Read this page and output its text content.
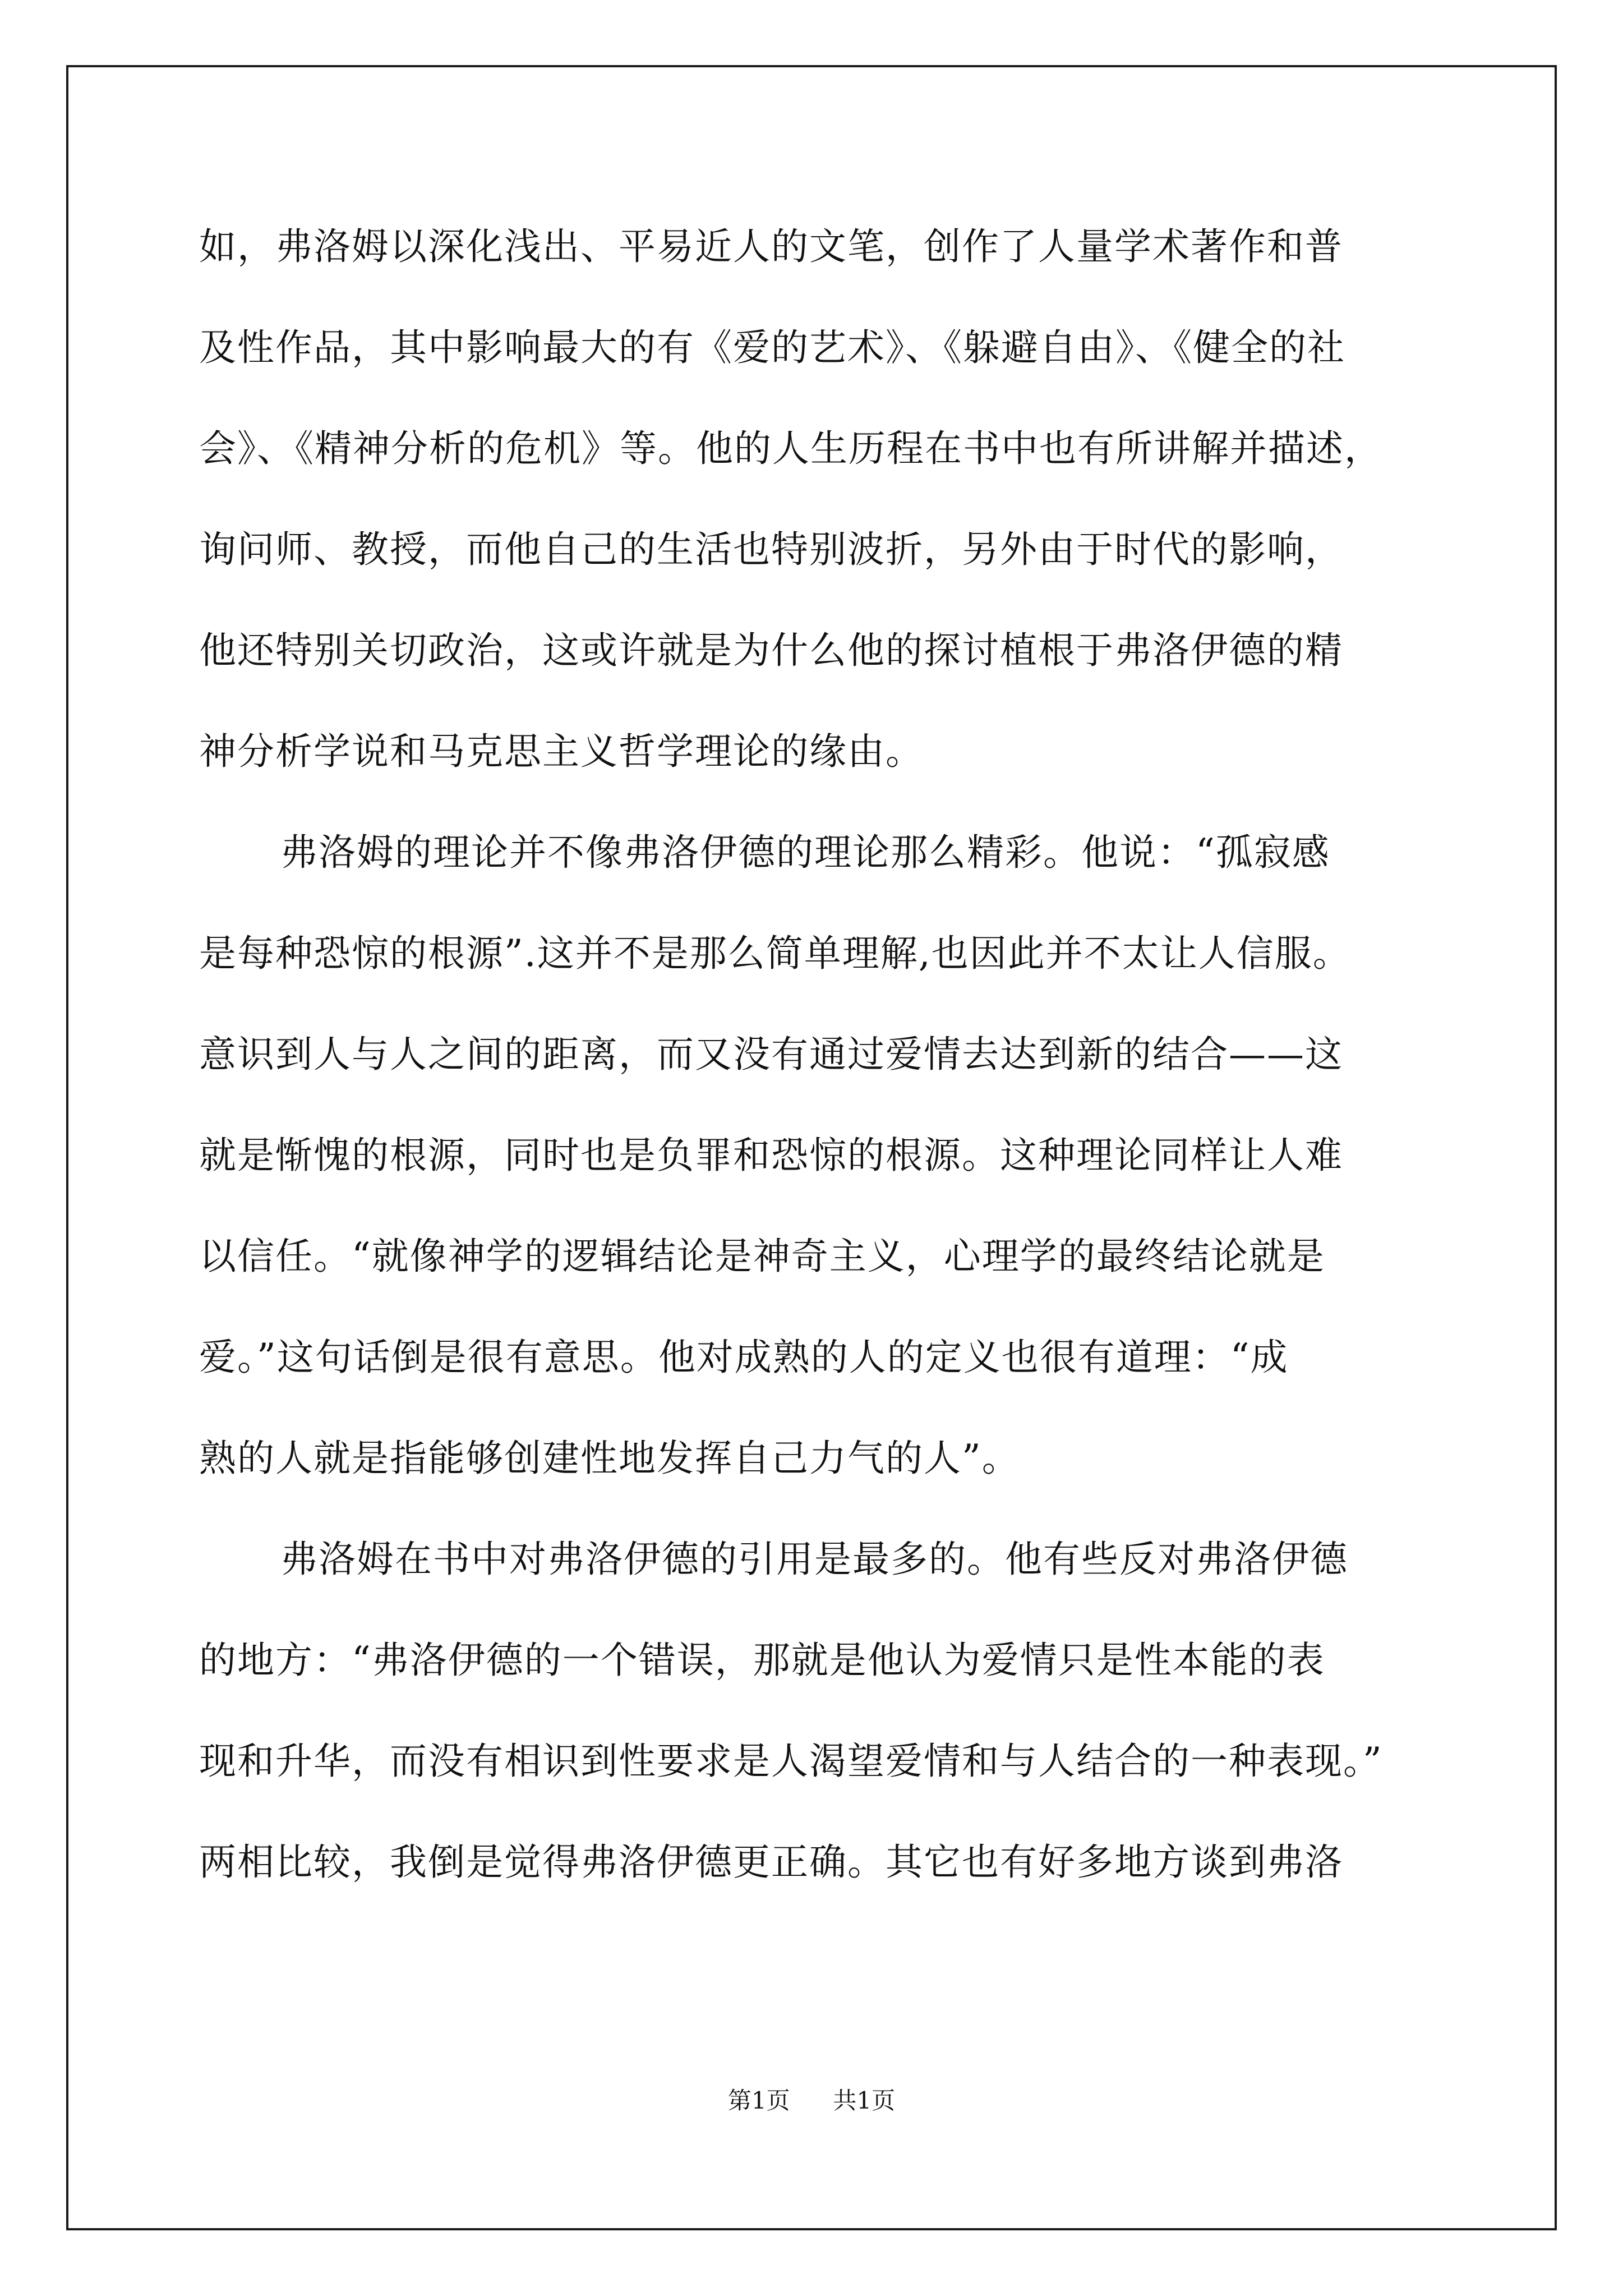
如，弗洛姆以深化浅出、平易近人的文笔，创作了人量学术著作和普

及性作品，其中影响最大的有《爱的艺术》、《躲避自由》、《健全的社

会》、《精神分析的危机》等。他的人生历程在书中也有所讲解并描述，

询问师、教授，而他自己的生活也特别波折，另外由于时代的影响，

他还特别关切政治，这或许就是为什么他的探讨植根于弗洛伊德的精

神分析学说和马克思主义哲学理论的缘由。

弗洛姆的理论并不像弗洛伊德的理论那么精彩。他说：“孤寂感

是每种恐惊的根源”.这并不是那么简单理解,也因此并不太让人信服。

意识到人与人之间的距离，而又没有通过爱情去达到新的结合——这

就是惭愧的根源，同时也是负罪和恐惊的根源。这种理论同样让人难

以信任。“就像神学的逻辑结论是神奇主义，心理学的最终结论就是

爱。”这句话倒是很有意思。他对成熟的人的定义也很有道理：“成

熟的人就是指能够创建性地发挥自己力气的人”。

弗洛姆在书中对弗洛伊德的引用是最多的。他有些反对弗洛伊德

的地方：“弗洛伊德的一个错误，那就是他认为爱情只是性本能的表

现和升华，而没有相识到性要求是人渴望爱情和与人结合的一种表现。”

两相比较，我倒是觉得弗洛伊德更正确。其它也有好多地方谈到弗洛

第1页 共1页
